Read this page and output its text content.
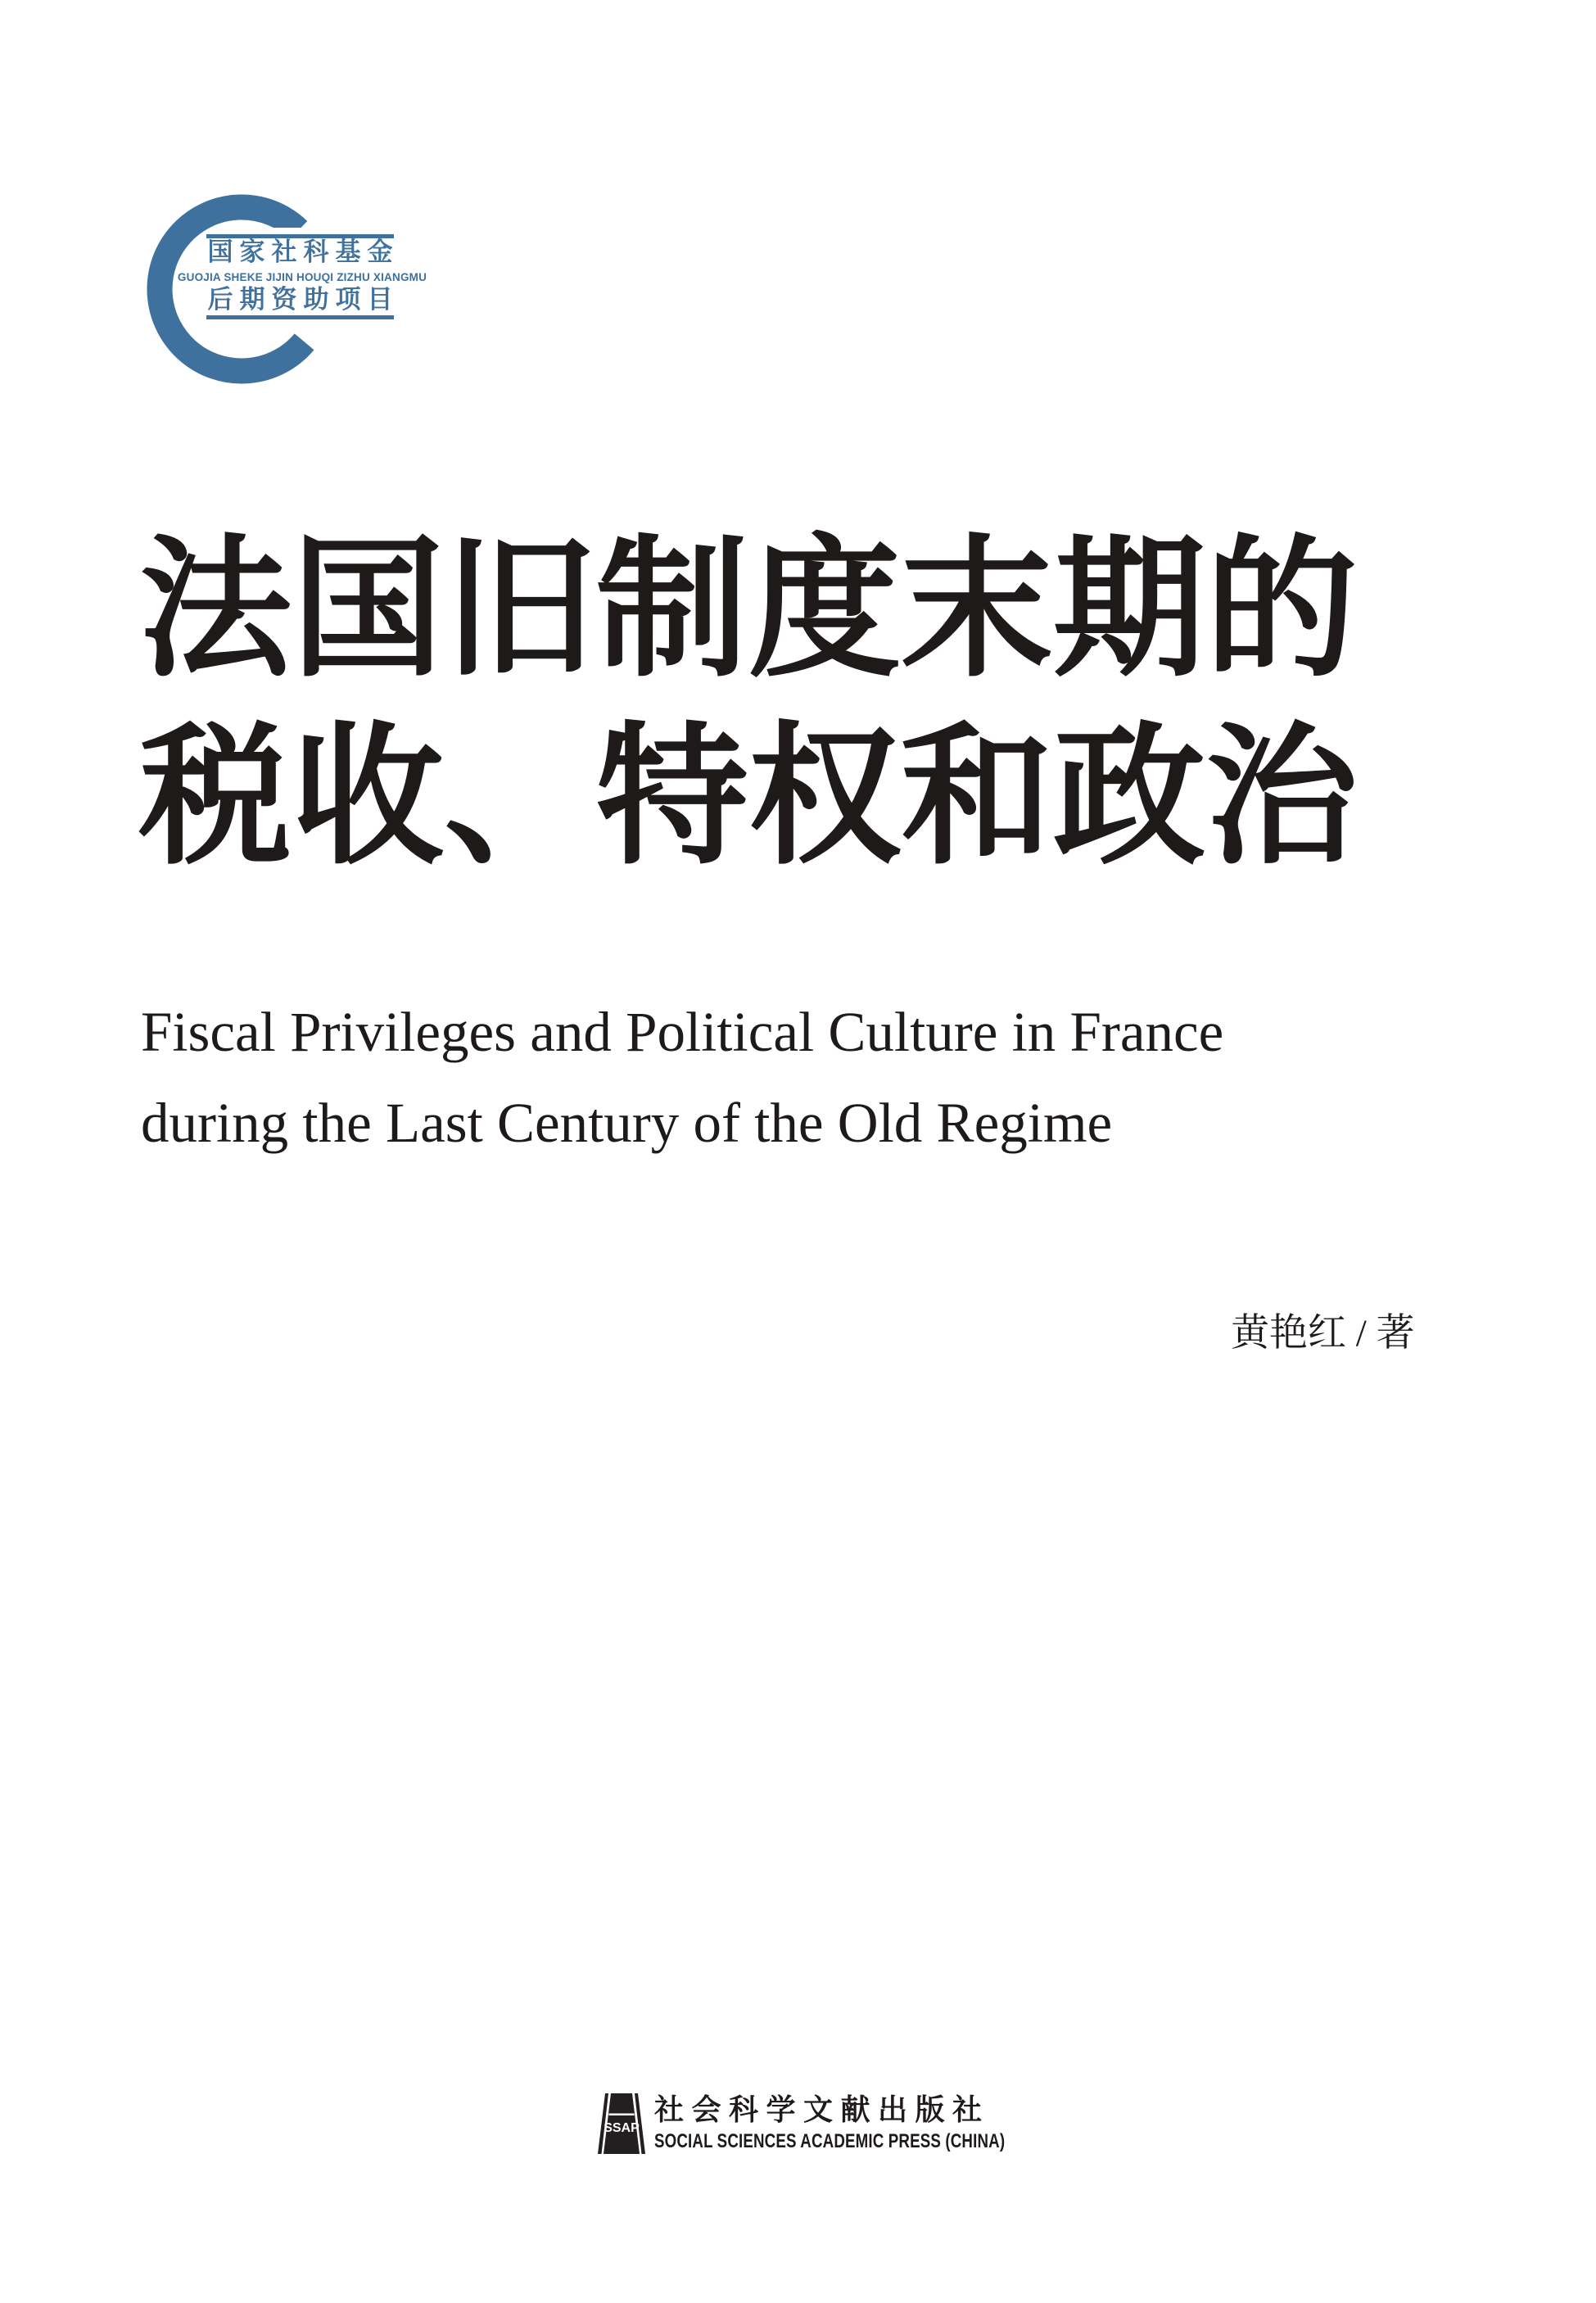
国家社科基金
GUOJIA SHEKE JIJIN HOUQI ZIZHU XIANGMU
后期资助项目
法国旧制度末期的
税收、特权和政治
Fiscal Privileges and Political Culture in France
during the Last Century of the Old Regime
黄艳红 / 著
SSAP
社会科学文献出版社
SOCIAL SCIENCES ACADEMIC PRESS (CHINA)
